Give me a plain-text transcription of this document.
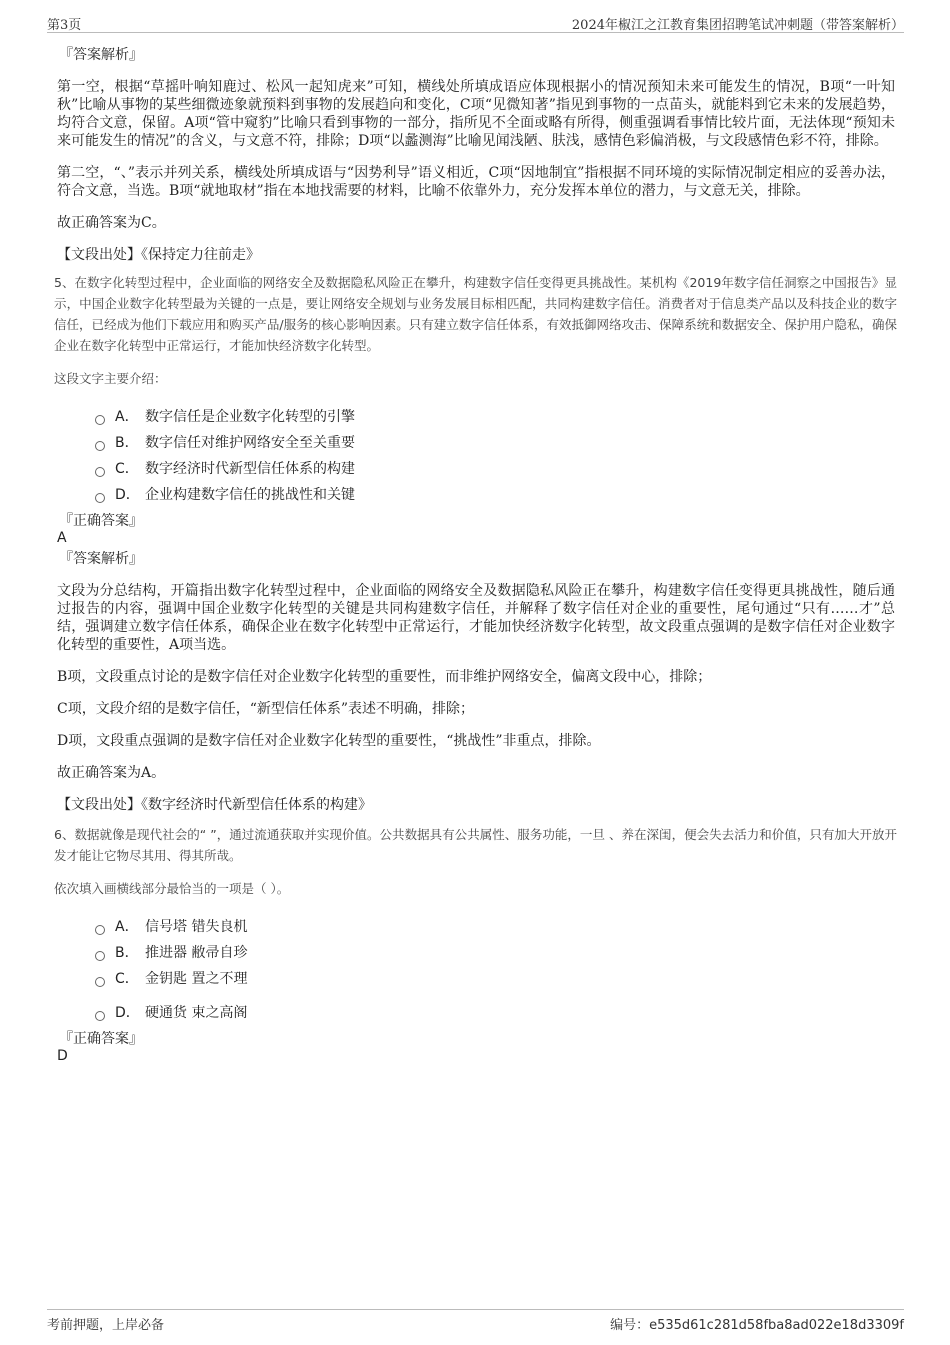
第3页	2024年椒江之江教育集团招聘笔试冲刺题（带答案解析）
『答案解析』

第一空，根据“草摇叶响知鹿过、松风一起知虎来”可知，横线处所填成语应体现根据小的情况预知未来可能发生的情况，B项“一叶知秋”比喻从事物的某些细微迹象就预料到事物的发展趋向和变化，C项“见微知著”指见到事物的一点苗头，就能料到它未来的发展趋势，均符合文意，保留。A项“管中窥豹”比喻只看到事物的一部分，指所见不全面或略有所得，侧重强调看事情比较片面，无法体现“预知未来可能发生的情况”的含义，与文意不符，排除；D项“以蠡测海”比喻见闻浅陋、肤浅，感情色彩偏消极，与文段感情色彩不符，排除。

第二空，“、”表示并列关系，横线处所填成语与“因势利导”语义相近，C项“因地制宜”指根据不同环境的实际情况制定相应的妥善办法，符合文意，当选。B项“就地取材”指在本地找需要的材料，比喻不依靠外力，充分发挥本单位的潜力，与文意无关，排除。

故正确答案为C。
【文段出处】《保持定力往前走》
5、在数字化转型过程中，企业面临的网络安全及数据隐私风险正在攀升，构建数字信任变得更具挑战性。某机构《2019年数字信任洞察之中国报告》显示，中国企业数字化转型最为关键的一点是，要让网络安全规划与业务发展目标相匹配，共同构建数字信任。消费者对于信息类产品以及科技企业的数字信任，已经成为他们下载应用和购买产品/服务的核心影响因素。只有建立数字信任体系，有效抵御网络攻击、保障系统和数据安全、保护用户隐私，确保企业在数字化转型中正常运行，才能加快经济数字化转型。
这段文字主要介绍：
A． 数字信任是企业数字化转型的引擎
B． 数字信任对维护网络安全至关重要
C． 数字经济时代新型信任体系的构建
D． 企业构建数字信任的挑战性和关键
『正确答案』
A
『答案解析』

文段为分总结构，开篇指出数字化转型过程中，企业面临的网络安全及数据隐私风险正在攀升，构建数字信任变得更具挑战性，随后通过报告的内容，强调中国企业数字化转型的关键是共同构建数字信任，并解释了数字信任对企业的重要性，尾句通过“只有……才”总结，强调建立数字信任体系，确保企业在数字化转型中正常运行，才能加快经济数字化转型，故文段重点强调的是数字信任对企业数字化转型的重要性，A项当选。

B项，文段重点讨论的是数字信任对企业数字化转型的重要性，而非维护网络安全，偏离文段中心，排除；

C项，文段介绍的是数字信任，“新型信任体系”表述不明确，排除；

D项，文段重点强调的是数字信任对企业数字化转型的重要性，“挑战性”非重点，排除。

故正确答案为A。
【文段出处】《数字经济时代新型信任体系的构建》
6、数据就像是现代社会的“ ”，通过流通获取并实现价值。公共数据具有公共属性、服务功能，一旦 、养在深闺，便会失去活力和价值，只有加大开放开发才能让它物尽其用、得其所哉。
依次填入画横线部分最恰当的一项是（ ）。
A． 信号塔 错失良机
B． 推进器 敝帚自珍
C． 金钥匙 置之不理
D． 硬通货 束之高阁
『正确答案』
D
考前押题，上岸必备	编号：e535d61c281d58fba8ad022e18d3309f
